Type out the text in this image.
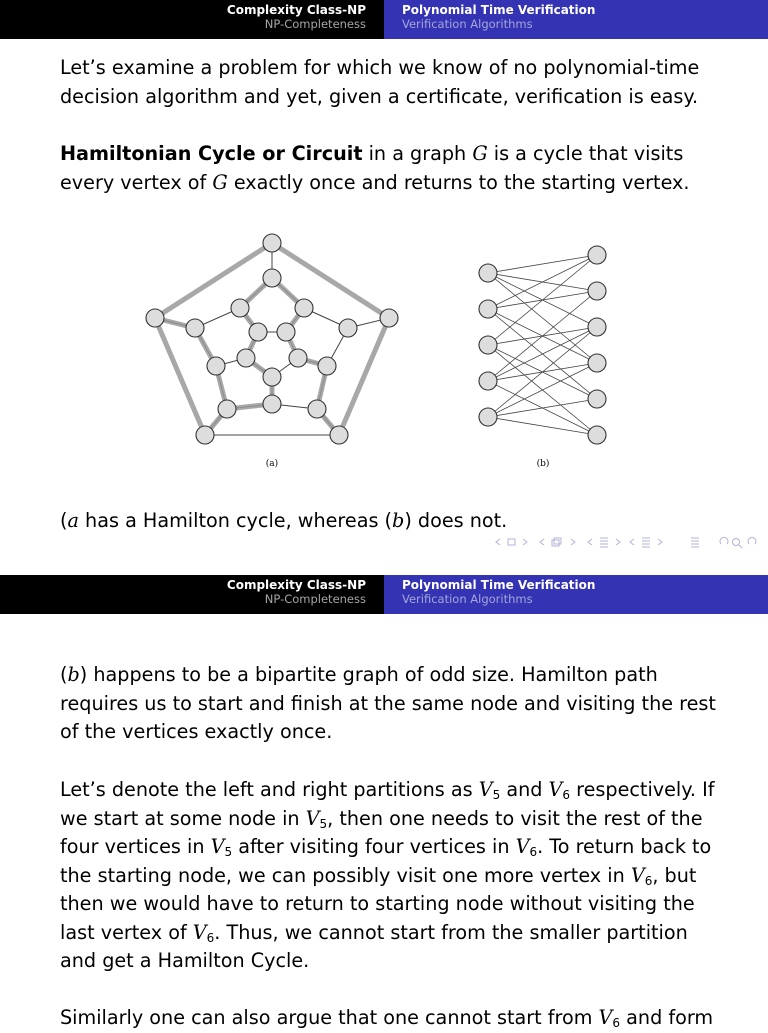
Complexity Class-NP
NP-Completeness
Polynomial Time Verification
Verification Algorithms
Let’s examine a problem for which we know of no polynomial-time decision algorithm and yet, given a certificate, verification is easy.
Hamiltonian Cycle or Circuit in a graph G is a cycle that visits every vertex of G exactly once and returns to the starting vertex.
(a)	(b)
(a has a Hamilton cycle, whereas (b) does not.
Complexity Class-NP
NP-Completeness
Polynomial Time Verification
Verification Algorithms
(b) happens to be a bipartite graph of odd size. Hamilton path requires us to start and finish at the same node and visiting the rest of the vertices exactly once.
Let’s denote the left and right partitions as $V_5$ and $V_6$ respectively. If we start at some node in $V_5$, then one needs to visit the rest of the four vertices in $V_5$ after visiting four vertices in $V_6$. To return back to the starting node, we can possibly visit one more vertex in $V_6$, but then we would have to return to starting node without visiting the last vertex of $V_6$. Thus, we cannot start from the smaller partition and get a Hamilton Cycle.
Similarly one can also argue that one cannot start from $V_6$ and form
